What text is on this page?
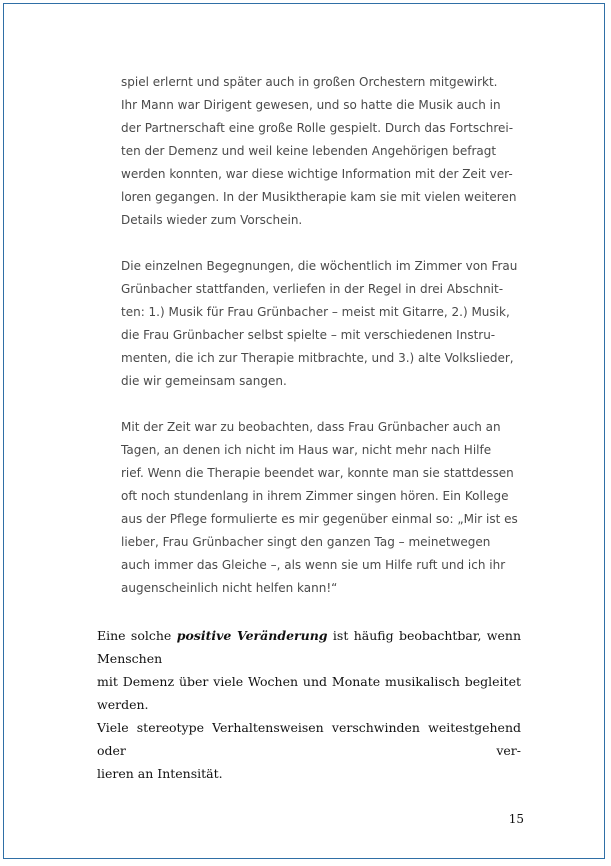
spiel erlernt und später auch in großen Orchestern mitgewirkt.
Ihr Mann war Dirigent gewesen, und so hatte die Musik auch in
der Partnerschaft eine große Rolle gespielt. Durch das Fortschrei-
ten der Demenz und weil keine lebenden Angehörigen befragt
werden konnten, war diese wichtige Information mit der Zeit ver-
loren gegangen. In der Musiktherapie kam sie mit vielen weiteren
Details wieder zum Vorschein.
Die einzelnen Begegnungen, die wöchentlich im Zimmer von Frau
Grünbacher stattfanden, verliefen in der Regel in drei Abschnit-
ten: 1.) Musik für Frau Grünbacher – meist mit Gitarre, 2.) Musik,
die Frau Grünbacher selbst spielte – mit verschiedenen Instru-
menten, die ich zur Therapie mitbrachte, und 3.) alte Volkslieder,
die wir gemeinsam sangen.
Mit der Zeit war zu beobachten, dass Frau Grünbacher auch an
Tagen, an denen ich nicht im Haus war, nicht mehr nach Hilfe
rief. Wenn die Therapie beendet war, konnte man sie stattdessen
oft noch stundenlang in ihrem Zimmer singen hören. Ein Kollege
aus der Pflege formulierte es mir gegenüber einmal so: „Mir ist es
lieber, Frau Grünbacher singt den ganzen Tag – meinetwegen
auch immer das Gleiche –, als wenn sie um Hilfe ruft und ich ihr
augenscheinlich nicht helfen kann!“
Eine solche positive Veränderung ist häufig beobachtbar, wenn Menschen
mit Demenz über viele Wochen und Monate musikalisch begleitet werden.
Viele stereotype Verhaltensweisen verschwinden weitestgehend oder ver-
lieren an Intensität.
15
